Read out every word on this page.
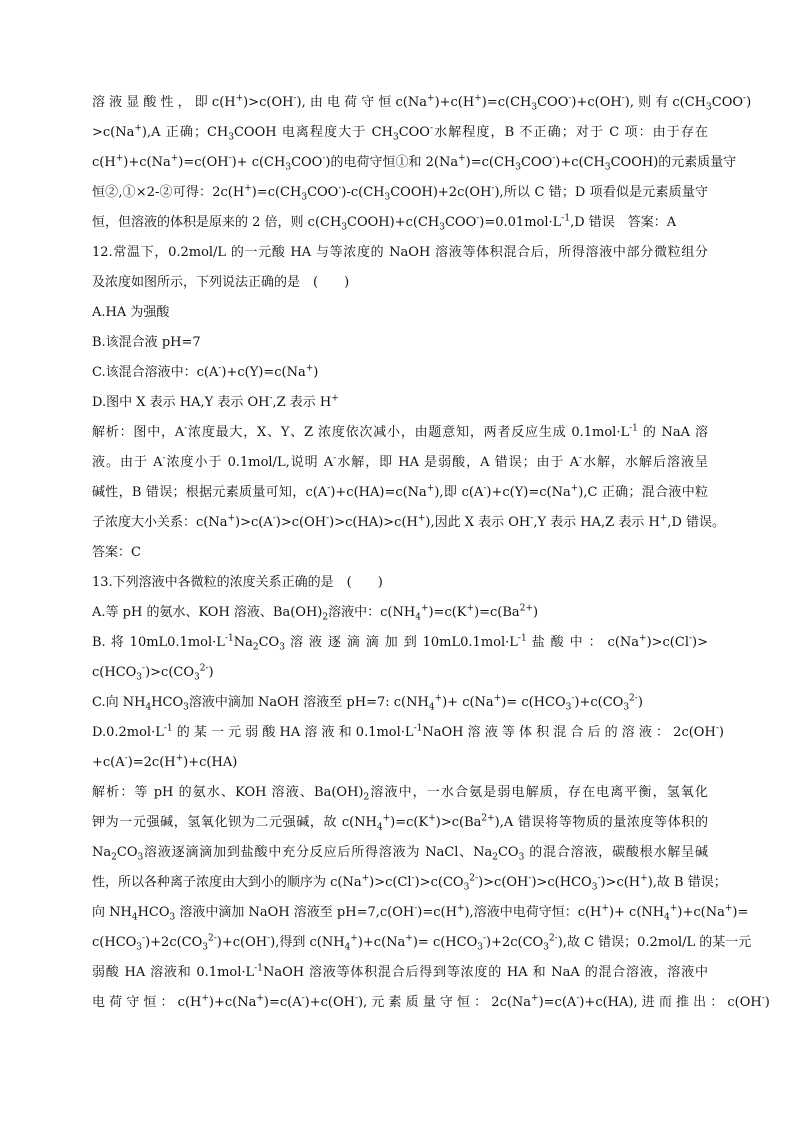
溶 液 显 酸 性 ， 即 c(H+)>c(OH-), 由 电 荷 守 恒 $c(Na^+)+c(H^+)=c(CH_3COO^-)+c(OH^-)$, 则 有 $c(CH_3COO^-)$
>c(Na+),A 正确；$CH_3COOH$ 电离程度大于 $CH_3COO^-$水解程度，B 不正确；对于 C 项：由于存在
$c(H^+)+c(Na^+)=c(OH^-)+ c(CH_3COO^-)$的电荷守恒①和 $2(Na^+)=c(CH_3COO^-)+c(CH_3COOH)$的元素质量守
恒②,①×2-②可得：$2c(H^+)=c(CH_3COO^-)-c(CH_3COOH)+2c(OH^-)$,所以 C 错；D 项看似是元素质量守
恒，但溶液的体积是原来的 2 倍，则 $c(CH_3COOH)+c(CH_3COO^-)=0.01mol\cdot L^{-1},D$ 错误　答案：A
12.常温下，0.2mol/L 的一元酸 HA 与等浓度的 NaOH 溶液等体积混合后，所得溶液中部分微粒组分
及浓度如图所示，下列说法正确的是　(　　)
A.HA 为强酸
B.该混合液 pH=7
C.该混合溶液中：c(A-)+c(Y)=c(Na+)
D.图中 X 表示 HA,Y 表示 OH-,Z 表示 H+
解析：图中，A-浓度最大，X、Y、Z 浓度依次减小，由题意知，两者反应生成 $0.1mol\cdot L^{-1}$ 的 NaA 溶
液。由于 A-浓度小于 0.1mol/L,说明 A-水解，即 HA 是弱酸，A 错误；由于 A-水解，水解后溶液呈
碱性，B 错误；根据元素质量可知，c(A-)+c(HA)=c(Na+),即 c(A-)+c(Y)=c(Na+),C 正确；混合液中粒
子浓度大小关系：c(Na+)>c(A-)>c(OH-)>c(HA)>c(H+),因此 X 表示 OH-,Y 表示 HA,Z 表示 H+,D 错误。
答案：C
13.下列溶液中各微粒的浓度关系正确的是　(　　)
A.等 pH 的氨水、KOH 溶液、$Ba(OH)_2$溶液中：$c(NH_4^+)=c(K^+)=c(Ba^{2+})$
B. 将 $10mL0.1mol\cdot L^{-1}Na_2CO_3$ 溶 液 逐 滴 滴 加 到 $10mL0.1mol\cdot L^{-1}$ 盐 酸 中 ： c(Na+)>c(Cl-)>
$c(HCO_3^-)>c(CO_3^{2-})$
C.向 $NH_4HCO_3$溶液中滴加 NaOH 溶液至 pH=7: $c(NH_4^+)+ c(Na^+)= c(HCO_3^-)+c(CO_3^{2-})$
$D.0.2mol\cdot L^{-1}$ 的 某 一 元 弱 酸 HA 溶 液 和 $0.1mol\cdot L^{-1}NaOH$ 溶 液 等 体 积 混 合 后 的 溶 液 ： 2c(OH-)
+c(A-)=2c(H+)+c(HA)
解析：等 pH 的氨水、KOH 溶液、$Ba(OH)_2$溶液中，一水合氨是弱电解质，存在电离平衡，氢氧化
钾为一元强碱，氢氧化钡为二元强碱，故 $c(NH_4^+)=c(K^+)>c(Ba^{2+}),A$ 错误将等物质的量浓度等体积的
$Na_2CO_3$溶液逐滴滴加到盐酸中充分反应后所得溶液为 NaCl、$Na_2CO_3$ 的混合溶液，碳酸根水解呈碱
性，所以各种离子浓度由大到小的顺序为 $c(Na^+)>c(Cl^-)>c(CO_3^{2-})>c(OH^-)>c(HCO_3^-)>c(H^+)$,故 B 错误；
向 $NH_4HCO_3$ 溶液中滴加 NaOH 溶液至 pH=7,c(OH-)=c(H+),溶液中电荷守恒：$c(H^+)+ c(NH_4^+)+c(Na^+)=$
$c(HCO_3^-)+2c(CO_3^{2-})+c(OH^-)$,得到 $c(NH_4^+)+c(Na^+)= c(HCO_3^-)+2c(CO_3^{2-})$,故 C 错误；0.2mol/L 的某一元
弱酸 HA 溶液和 $0.1mol\cdot L^{-1}NaOH$ 溶液等体积混合后得到等浓度的 HA 和 NaA 的混合溶液，溶液中
电 荷 守 恒 ： c(H+)+c(Na+)=c(A-)+c(OH-), 元 素 质 量 守 恒 ： 2c(Na+)=c(A-)+c(HA), 进 而 推 出 ： c(OH-)
